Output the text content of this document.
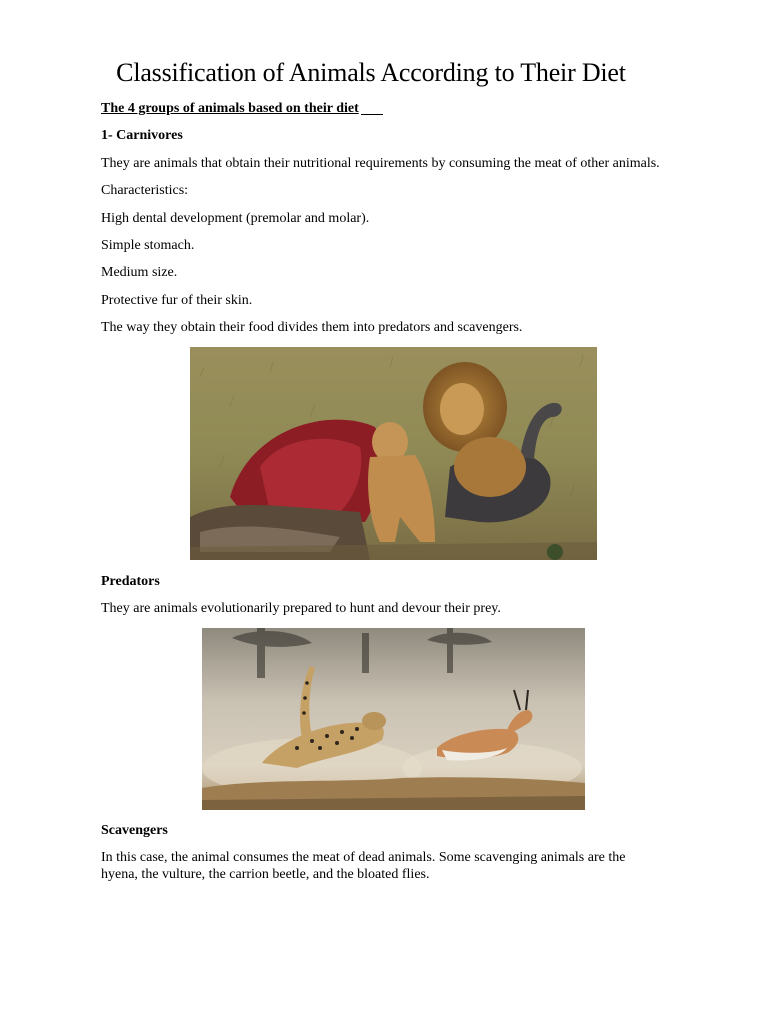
Classification of Animals According to Their Diet

The 4 groups of animals based on their diet

1- Carnivores

They are animals that obtain their nutritional requirements by consuming the meat of other animals.

Characteristics:

High dental development (premolar and molar).

Simple stomach.

Medium size.

Protective fur of their skin.

The way they obtain their food divides them into predators and scavengers.

Predators

They are animals evolutionarily prepared to hunt and devour their prey.

Scavengers

In this case, the animal consumes the meat of dead animals. Some scavenging animals are the

hyena, the vulture, the carrion beetle, and the bloated flies.
